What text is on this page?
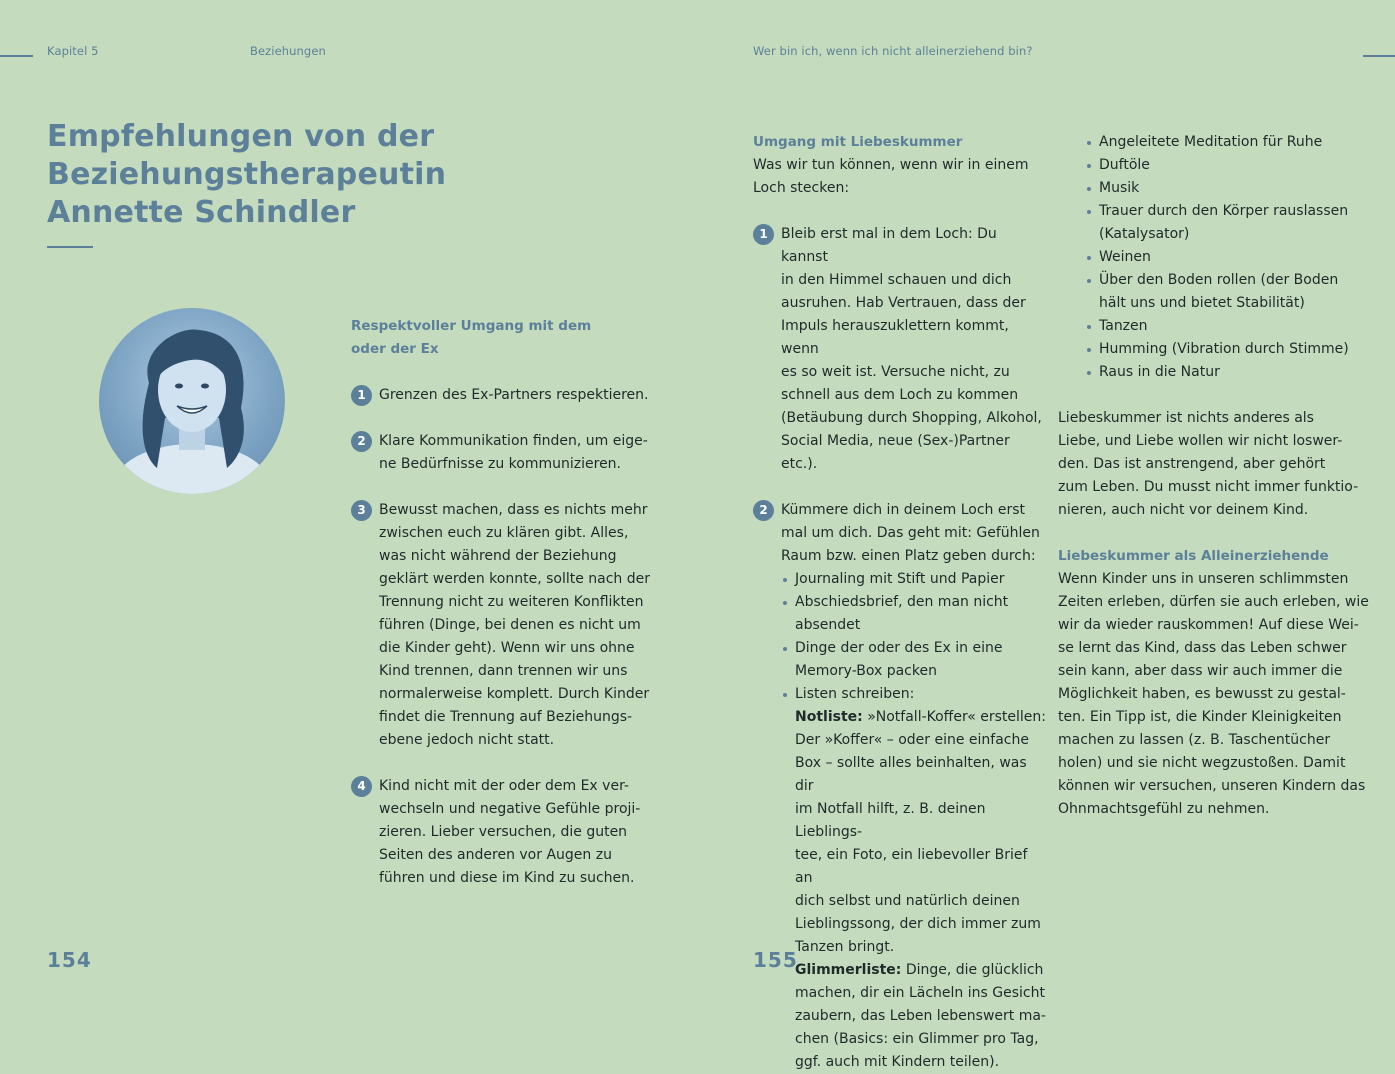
Kapitel 5	Beziehungen	Wer bin ich, wenn ich nicht alleinerziehend bin?
Empfehlungen von der
Beziehungstherapeutin
Annette Schindler
Respektvoller Umgang mit dem
oder der Ex
1 Grenzen des Ex-Partners respektieren.
2 Klare Kommunikation finden, um eige-
ne Bedürfnisse zu kommunizieren.
3 Bewusst machen, dass es nichts mehr
zwischen euch zu klären gibt. Alles,
was nicht während der Beziehung
geklärt werden konnte, sollte nach der
Trennung nicht zu weiteren Konflikten
führen (Dinge, bei denen es nicht um
die Kinder geht). Wenn wir uns ohne
Kind trennen, dann trennen wir uns
normalerweise komplett. Durch Kinder
findet die Trennung auf Beziehungs-
ebene jedoch nicht statt.
4 Kind nicht mit der oder dem Ex ver-
wechseln und negative Gefühle proji-
zieren. Lieber versuchen, die guten
Seiten des anderen vor Augen zu
führen und diese im Kind zu suchen.
154
Umgang mit Liebeskummer
Was wir tun können, wenn wir in einem
Loch stecken:
1 Bleib erst mal in dem Loch: Du kannst
in den Himmel schauen und dich
ausruhen. Hab Vertrauen, dass der
Impuls herauszuklettern kommt, wenn
es so weit ist. Versuche nicht, zu
schnell aus dem Loch zu kommen
(Betäubung durch Shopping, Alkohol,
Social Media, neue (Sex-)Partner etc.).
2 Kümmere dich in deinem Loch erst
mal um dich. Das geht mit: Gefühlen
Raum bzw. einen Platz geben durch:
Journaling mit Stift und Papier
Abschiedsbrief, den man nicht
absendet
Dinge der oder des Ex in eine
Memory-Box packen
Listen schreiben:
Notliste: »Notfall-Koffer« erstellen:
Der »Koffer« – oder eine einfache
Box – sollte alles beinhalten, was dir
im Notfall hilft, z. B. deinen Lieblings-
tee, ein Foto, ein liebevoller Brief an
dich selbst und natürlich deinen
Lieblingssong, der dich immer zum
Tanzen bringt.
Glimmerliste: Dinge, die glücklich
machen, dir ein Lächeln ins Gesicht
zaubern, das Leben lebenswert ma-
chen (Basics: ein Glimmer pro Tag,
ggf. auch mit Kindern teilen).
Angeleitete Meditation für Ruhe
Duftöle
Musik
Trauer durch den Körper rauslassen
(Katalysator)
Weinen
Über den Boden rollen (der Boden
hält uns und bietet Stabilität)
Tanzen
Humming (Vibration durch Stimme)
Raus in die Natur

Liebeskummer ist nichts anderes als
Liebe, und Liebe wollen wir nicht loswer-
den. Das ist anstrengend, aber gehört
zum Leben. Du musst nicht immer funktio-
nieren, auch nicht vor deinem Kind.

Liebeskummer als Alleinerziehende

Wenn Kinder uns in unseren schlimmsten
Zeiten erleben, dürfen sie auch erleben, wie
wir da wieder rauskommen! Auf diese Wei-
se lernt das Kind, dass das Leben schwer
sein kann, aber dass wir auch immer die
Möglichkeit haben, es bewusst zu gestal-
ten. Ein Tipp ist, die Kinder Kleinigkeiten
machen zu lassen (z. B. Taschentücher
holen) und sie nicht wegzustoßen. Damit
können wir versuchen, unseren Kindern das
Ohnmachtsgefühl zu nehmen.

155
